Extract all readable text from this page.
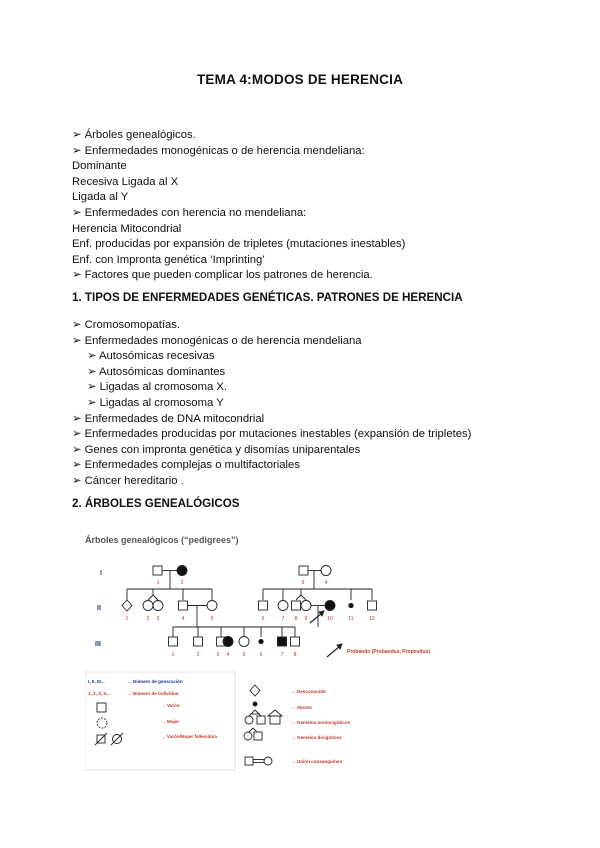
TEMA 4:MODOS DE HERENCIA
➢ Árboles genealógicos.
➢ Enfermedades monogénicas o de herencia mendeliana:
Dominante
Recesiva Ligada al X
Ligada al Y
➢ Enfermedades con herencia no mendeliana:
Herencia Mitocondrial
Enf. producidas por expansión de tripletes (mutaciones inestables)
Enf. con Impronta genética ‘Imprinting’
➢ Factores que pueden complicar los patrones de herencia.
1. TIPOS DE ENFERMEDADES GENÉTICAS. PATRONES DE HERENCIA
➢ Cromosomopatías.
➢ Enfermedades monogénicas o de herencia mendeliana
➢ Autosómicas recesivas
➢ Autosómicas dominantes
➢ Ligadas al cromosoma X.
➢ Ligadas al cromosoma Y
➢ Enfermedades de DNA mitocondrial
➢ Enfermedades producidas por mutaciones inestables (expansión de tripletes)
➢ Genes con impronta genética y disomías uniparentales
➢ Enfermedades complejas o multifactoriales
➢ Cáncer hereditario .
2. ÁRBOLES GENEALÓGICOS
Árboles genealógicos (“pedigrees”)
I
II
III
1	2	3	4
1	2 3	4	5	6	7 8 9	10	11	12
1	2	3 4	5	6	7 8	Probando (Probandus, Propositus)
I, II, III...	→ Número de generación
1, 2, 3, 4...	→ Número de individuo
→ Varón
→ Mujer
→ Varón/Mujer fallecido/a
→ Desconocido
→ Aborto
→ Gemelos monocigóticos
→ Gemelos dicigóticos
→ Unión consanguínea
